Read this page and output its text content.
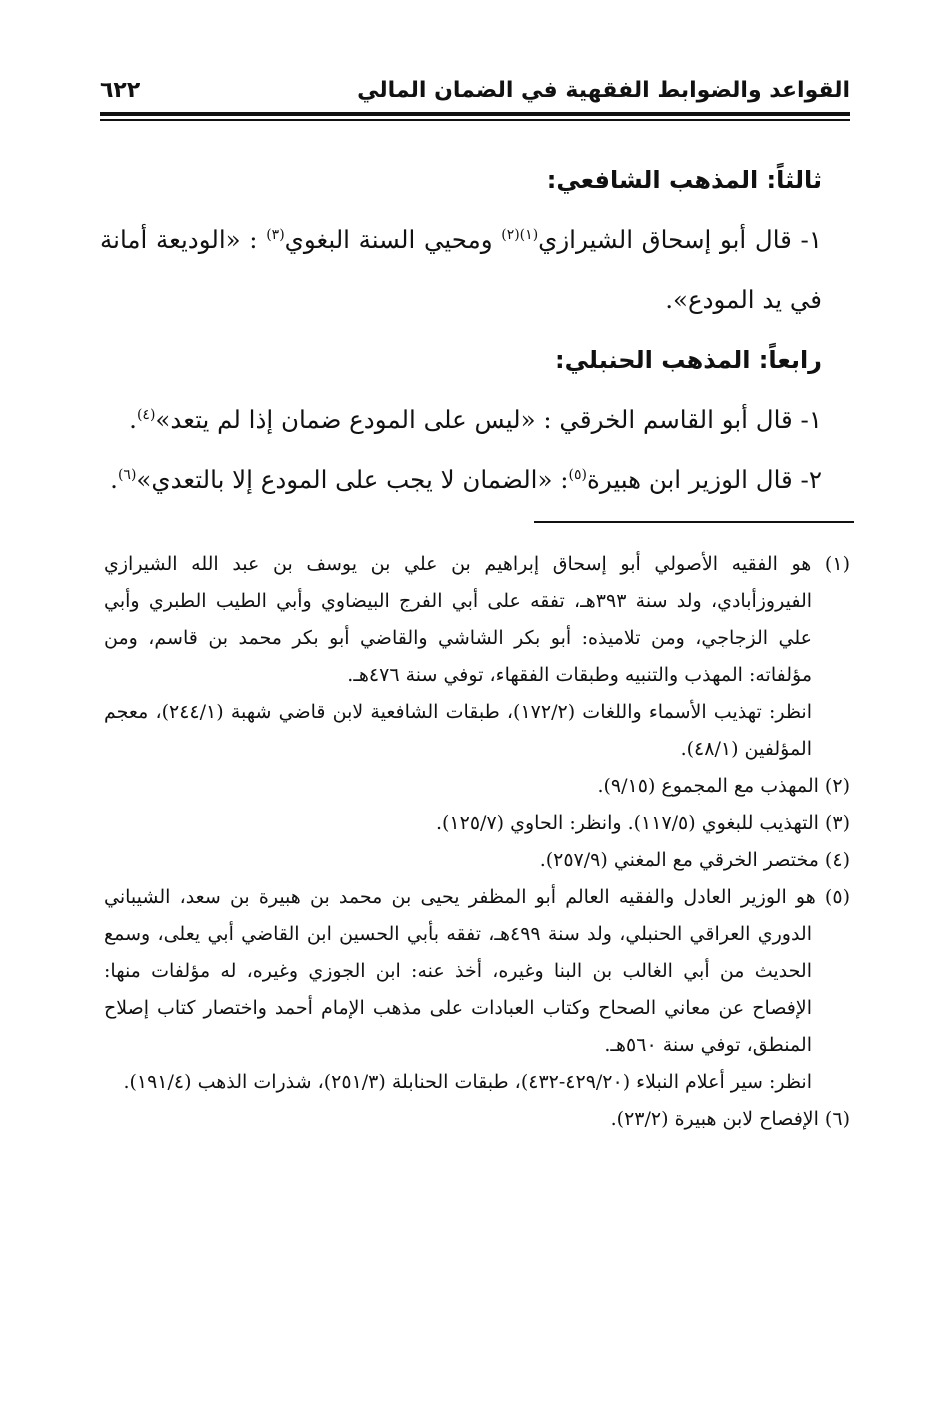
القواعد والضوابط الفقهية في الضمان المالي
٦٢٢

ثالثاً: المذهب الشافعي:

١- قال أبو إسحاق الشيرازي$^{(١)(٢)}$ ومحيي السنة البغوي$^{(٣)}$ : «الوديعة أمانة في يد المودع».

رابعاً: المذهب الحنبلي:

١- قال أبو القاسم الخرقي : «ليس على المودع ضمان إذا لم يتعد»$^{(٤)}$.

٢- قال الوزير ابن هبيرة$^{(٥)}$: «الضمان لا يجب على المودع إلا بالتعدي»$^{(٦)}$.

(١) هو الفقيه الأصولي أبو إسحاق إبراهيم بن علي بن يوسف بن عبد الله الشيرازي الفيروزأبادي، ولد سنة ٣٩٣هـ، تفقه على أبي الفرج البيضاوي وأبي الطيب الطبري وأبي علي الزجاجي، ومن تلاميذه: أبو بكر الشاشي والقاضي أبو بكر محمد بن قاسم، ومن مؤلفاته: المهذب والتنبيه وطبقات الفقهاء، توفي سنة ٤٧٦هـ.

انظر: تهذيب الأسماء واللغات (١٧٢/٢)، طبقات الشافعية لابن قاضي شهبة (٢٤٤/١)، معجم المؤلفين (٤٨/١).

(٢) المهذب مع المجموع (٩/١٥).

(٣) التهذيب للبغوي (١١٧/٥). وانظر: الحاوي (١٢٥/٧).

(٤) مختصر الخرقي مع المغني (٢٥٧/٩).

(٥) هو الوزير العادل والفقيه العالم أبو المظفر يحيى بن محمد بن هبيرة بن سعد، الشيباني الدوري العراقي الحنبلي، ولد سنة ٤٩٩هـ، تفقه بأبي الحسين ابن القاضي أبي يعلى، وسمع الحديث من أبي الغالب بن البنا وغيره، أخذ عنه: ابن الجوزي وغيره، له مؤلفات منها: الإفصاح عن معاني الصحاح وكتاب العبادات على مذهب الإمام أحمد واختصار كتاب إصلاح المنطق، توفي سنة ٥٦٠هـ.

انظر: سير أعلام النبلاء (٤٢٩/٢٠-٤٣٢)، طبقات الحنابلة (٢٥١/٣)، شذرات الذهب (١٩١/٤).

(٦) الإفصاح لابن هبيرة (٢٣/٢).
